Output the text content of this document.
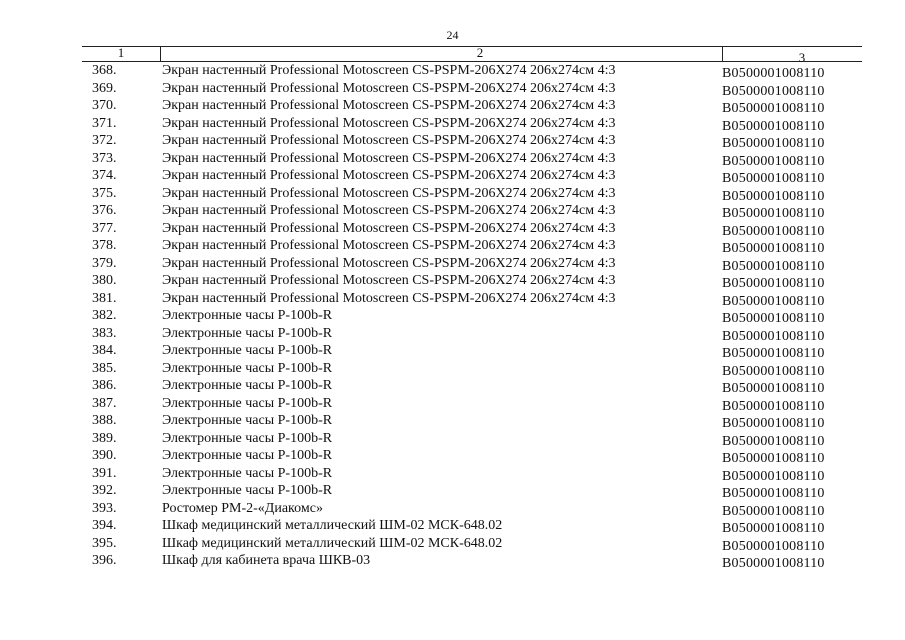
24
1	2	3
368.	Экран настенный Professional Motoscreen CS-PSPM-206X274 206x274см 4:3	B0500001008110
369.	Экран настенный Professional Motoscreen CS-PSPM-206X274 206x274см 4:3	B0500001008110
370.	Экран настенный Professional Motoscreen CS-PSPM-206X274 206x274см 4:3	B0500001008110
371.	Экран настенный Professional Motoscreen CS-PSPM-206X274 206x274см 4:3	B0500001008110
372.	Экран настенный Professional Motoscreen CS-PSPM-206X274 206x274см 4:3	B0500001008110
373.	Экран настенный Professional Motoscreen CS-PSPM-206X274 206x274см 4:3	B0500001008110
374.	Экран настенный Professional Motoscreen CS-PSPM-206X274 206x274см 4:3	B0500001008110
375.	Экран настенный Professional Motoscreen CS-PSPM-206X274 206x274см 4:3	B0500001008110
376.	Экран настенный Professional Motoscreen CS-PSPM-206X274 206x274см 4:3	B0500001008110
377.	Экран настенный Professional Motoscreen CS-PSPM-206X274 206x274см 4:3	B0500001008110
378.	Экран настенный Professional Motoscreen CS-PSPM-206X274 206x274см 4:3	B0500001008110
379.	Экран настенный Professional Motoscreen CS-PSPM-206X274 206x274см 4:3	B0500001008110
380.	Экран настенный Professional Motoscreen CS-PSPM-206X274 206x274см 4:3	B0500001008110
381.	Экран настенный Professional Motoscreen CS-PSPM-206X274 206x274см 4:3	B0500001008110
382.	Электронные часы P-100b-R	B0500001008110
383.	Электронные часы P-100b-R	B0500001008110
384.	Электронные часы P-100b-R	B0500001008110
385.	Электронные часы P-100b-R	B0500001008110
386.	Электронные часы P-100b-R	B0500001008110
387.	Электронные часы P-100b-R	B0500001008110
388.	Электронные часы P-100b-R	B0500001008110
389.	Электронные часы P-100b-R	B0500001008110
390.	Электронные часы P-100b-R	B0500001008110
391.	Электронные часы P-100b-R	B0500001008110
392.	Электронные часы P-100b-R	B0500001008110
393.	Ростомер РМ-2-«Диакомс»	B0500001008110
394.	Шкаф медицинский металлический ШМ-02 МСК-648.02	B0500001008110
395.	Шкаф медицинский металлический ШМ-02 МСК-648.02	B0500001008110
396.	Шкаф для кабинета врача ШКВ-03	B0500001008110
